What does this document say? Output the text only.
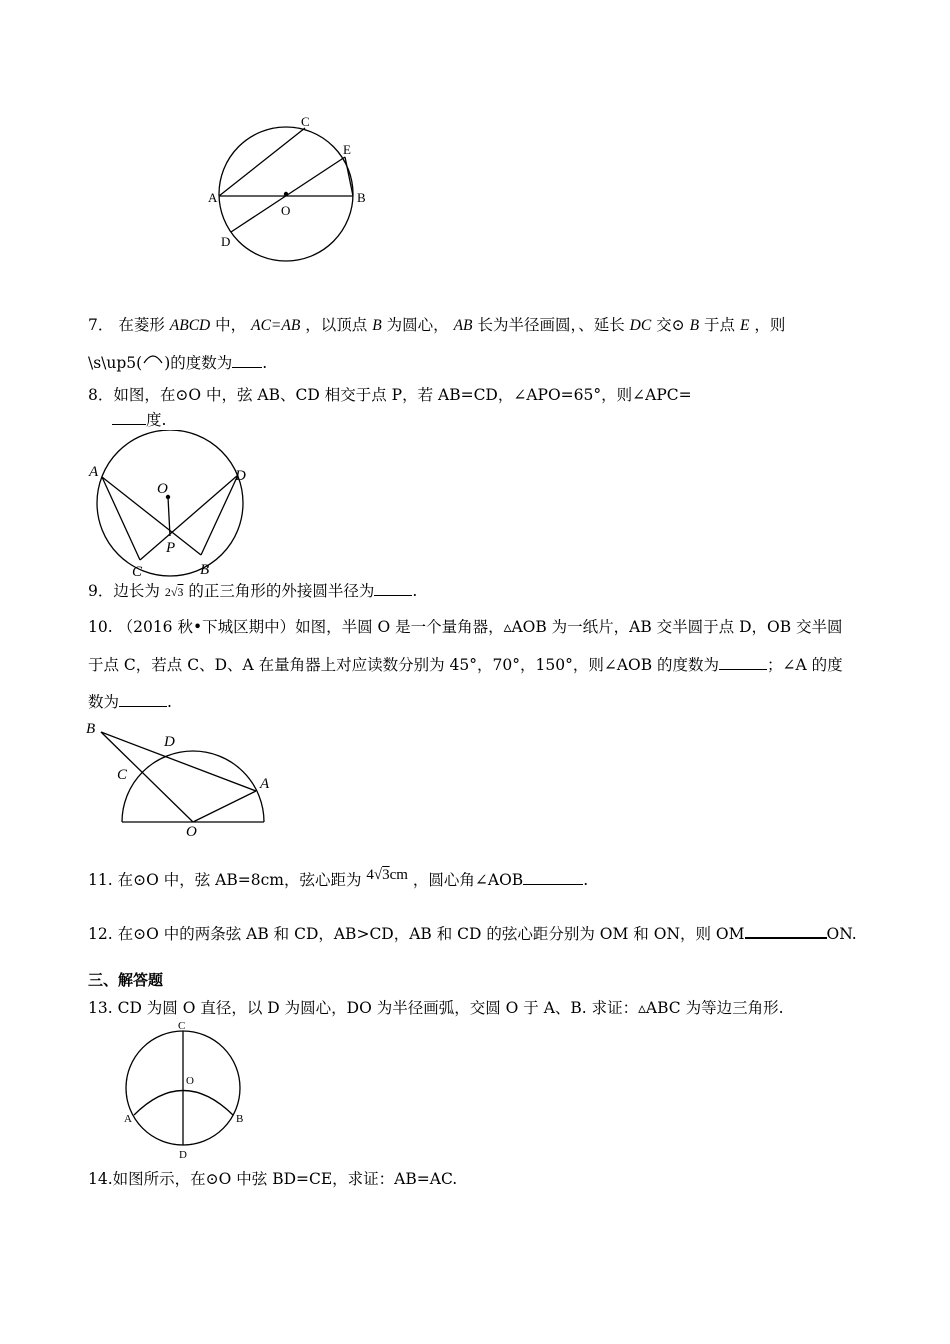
C
E
A	B
O
D
7． 在菱形 ABCD 中， AC=AB ，以顶点 B 为圆心， AB 长为半径画圆，、延长 DC 交⊙ B 于点 E ，则
\s\up5( )的度数为 .
8．如图，在⊙O 中，弦 AB、CD 相交于点 P，若 AB=CD，∠APO=65°，则∠APC=
度.
A	D
O
P
C	B
9．边长为 2√3 的正三角形的外接圆半径为 .
10. （2016 秋•下城区期中）如图，半圆 O 是一个量角器，▵AOB 为一纸片，AB 交半圆于点 D，OB 交半圆
于点 C，若点 C、D、A 在量角器上对应读数分别为 45°，70°，150°，则∠AOB 的度数为	；∠A 的度
数为	.
B
D
C
A
O
11. 在⊙O 中，弦 AB=8cm，弦心距为 4√3cm ，圆心角∠AOB	.
12. 在⊙O 中的两条弦 AB 和 CD，AB>CD，AB 和 CD 的弦心距分别为 OM 和 ON，则 OM	ON.
三、解答题
13. CD 为圆 O 直径，以 D 为圆心，DO 为半径画弧，交圆 O 于 A、B. 求证：▵ABC 为等边三角形.
C
O
A	B
D
14.如图所示，在⊙O 中弦 BD=CE，求证：AB=AC.
